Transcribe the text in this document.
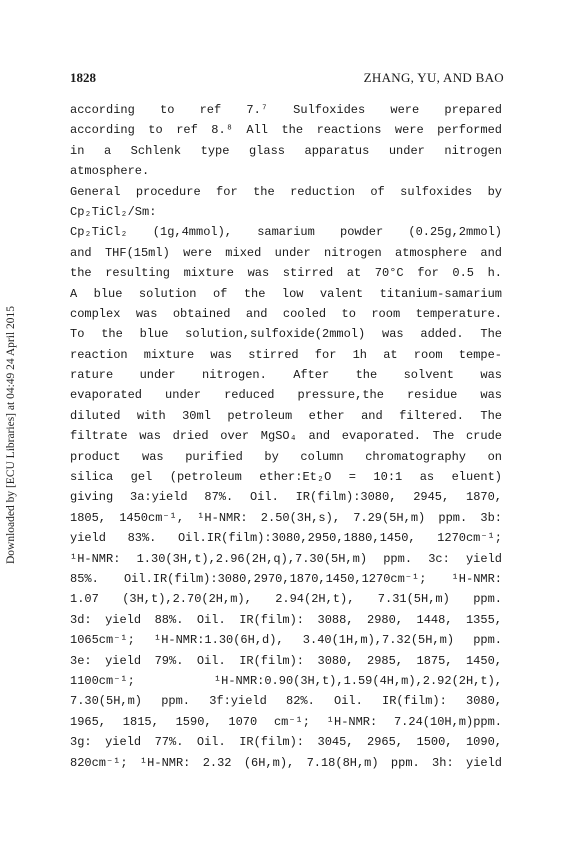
1828	ZHANG, YU, AND BAO
Downloaded by [ECU Libraries] at 04:49 24 April 2015
according to ref 7.⁷ Sulfoxides were prepared
according to ref 8.⁸ All the reactions were performed
in a Schlenk type glass apparatus under nitrogen
atmosphere.
General procedure for the reduction of sulfoxides by
Cp₂TiCl₂/Sm:
Cp₂TiCl₂ (1g,4mmol), samarium powder (0.25g,2mmol)
and THF(15ml) were mixed under nitrogen atmosphere and
the resulting mixture was stirred at 70°C for 0.5 h.
A blue solution of the low valent titanium-samarium
complex was obtained and cooled to room temperature.
To the blue solution,sulfoxide(2mmol) was added. The
reaction mixture was stirred for 1h at room tempe-
rature under nitrogen. After the solvent was
evaporated under reduced pressure,the residue was
diluted with 30ml petroleum ether and filtered. The
filtrate was dried over MgSO₄ and evaporated. The crude
product was purified by column chromatography on
silica gel (petroleum ether:Et₂O = 10:1 as eluent)
giving 3a:yield 87%. Oil. IR(film):3080, 2945, 1870,
1805, 1450cm⁻¹, ¹H-NMR: 2.50(3H,s), 7.29(5H,m) ppm. 3b:
yield 83%. Oil.IR(film):3080,2950,1880,1450, 1270cm⁻¹;
¹H-NMR: 1.30(3H,t),2.96(2H,q),7.30(5H,m) ppm. 3c: yield
85%. Oil.IR(film):3080,2970,1870,1450,1270cm⁻¹; ¹H-NMR:
1.07 (3H,t),2.70(2H,m), 2.94(2H,t), 7.31(5H,m) ppm.
3d: yield 88%. Oil. IR(film): 3088, 2980, 1448, 1355,
1065cm⁻¹; ¹H-NMR:1.30(6H,d), 3.40(1H,m),7.32(5H,m) ppm.
3e: yield 79%. Oil. IR(film): 3080, 2985, 1875, 1450,
1100cm⁻¹; ¹H-NMR:0.90(3H,t),1.59(4H,m),2.92(2H,t),
7.30(5H,m) ppm. 3f:yield 82%. Oil. IR(film): 3080,
1965, 1815, 1590, 1070 cm⁻¹; ¹H-NMR: 7.24(10H,m)ppm.
3g: yield 77%. Oil. IR(film): 3045, 2965, 1500, 1090,
820cm⁻¹; ¹H-NMR: 2.32 (6H,m), 7.18(8H,m) ppm. 3h: yield
